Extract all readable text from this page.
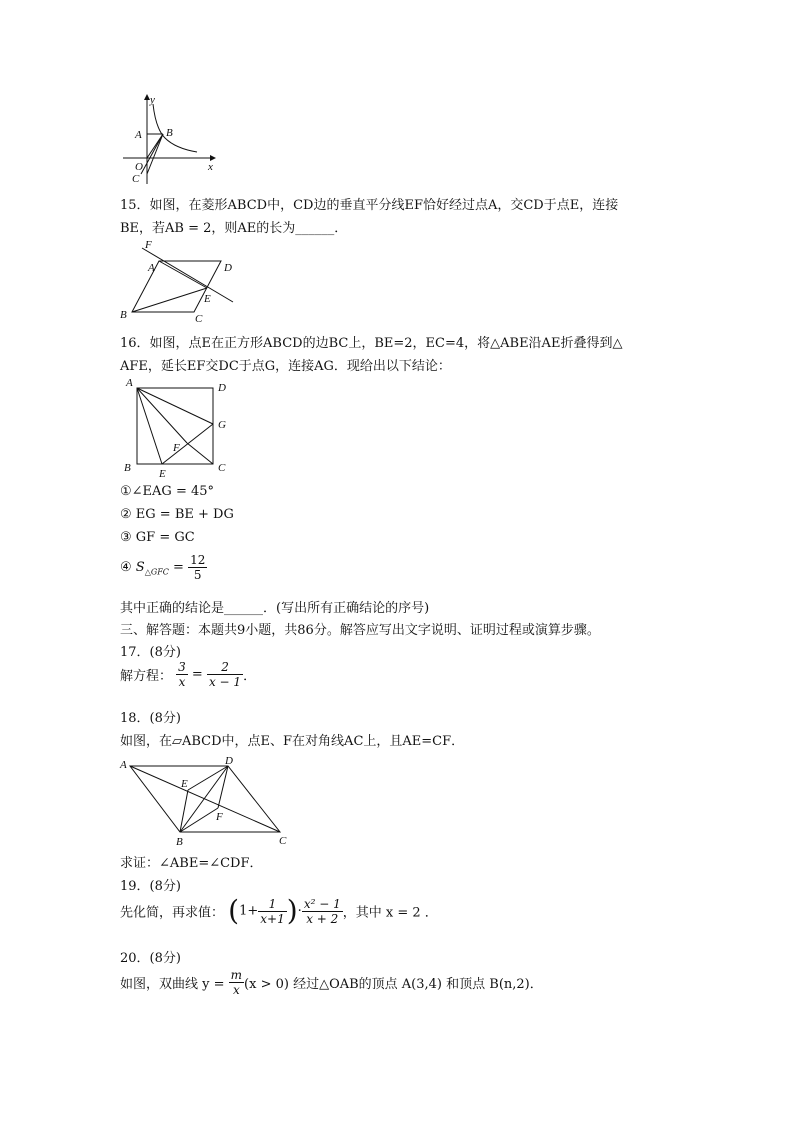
y
x
A B
O
C
15．如图，在菱形ABCD中，CD边的垂直平分线EF恰好经过点A，交CD于点E，连接
BE，若AB = 2，则AE的长为______．
F
A	D
E
B	C
16．如图，点E在正方形ABCD的边BC上，BE=2，EC=4，将△ABE沿AE折叠得到△
AFE，延长EF交DC于点G，连接AG．现给出以下结论：
A	D
G
F
B	E	C
①∠EAG = 45°
② EG = BE + DG
③ GF = GC
④ $S_{\triangle GFC} = \frac{12}{5}$
其中正确的结论是______．(写出所有正确结论的序号)
三、解答题：本题共9小题，共86分。解答应写出文字说明、证明过程或演算步骤。
17．(8分)
解方程： $\frac{3}{x} = \frac{2}{x - 1}$ ．
18．(8分)
如图，在▱ABCD中，点E、F在对角线AC上，且AE=CF．
A	D
E
F
B	C
求证：∠ABE=∠CDF．
19．(8分)
先化简，再求值： ($1+ \frac{1}{x+1}$ )· $\frac{\text{x² − 1}}{x + 2}$ ，其中 x = 2 ．
20．(8分)
如图，双曲线 $y = \frac{m}{x} (x > 0)$ 经过△OAB的顶点 A(3,4) 和顶点 B(n,2)．
